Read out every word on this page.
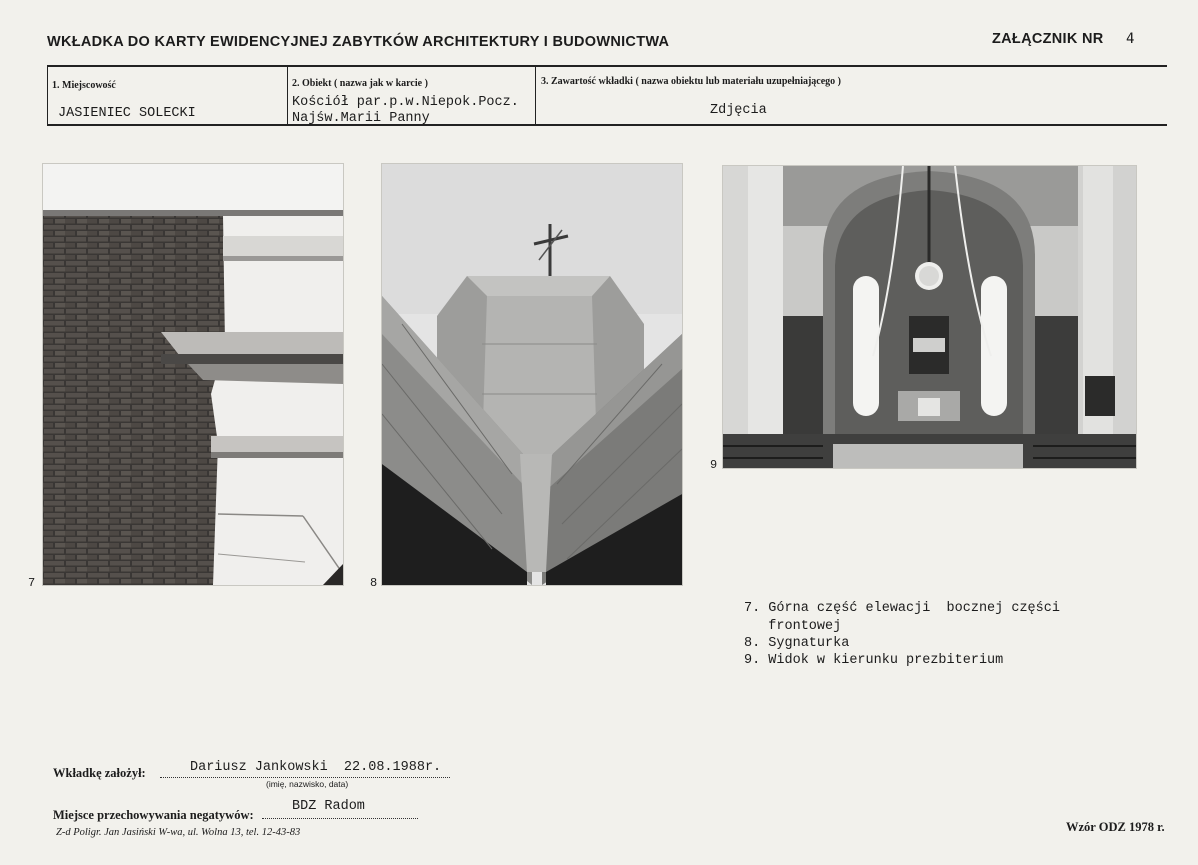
WKŁADKA DO KARTY EWIDENCYJNEJ ZABYTKÓW ARCHITEKTURY I BUDOWNICTWA	ZAŁĄCZNIK NR 4
1. Miejscowość
JASIENIEC SOLECKI
2. Obiekt ( nazwa jak w karcie )
Kościół par.p.w.Niepok.Pocz.
Najśw.Marii Panny
3. Zawartość wkładki ( nazwa obiektu lub materiału uzupełniającego )
Zdjęcia
7	8
9
7. Górna część elewacji  bocznej części
frontowej
8. Sygnaturka
9. Widok w kierunku prezbiterium
Wkładkę założył:	Dariusz Jankowski  22.08.1988r.
(imię, nazwisko, data)
Miejsce przechowywania negatywów:
BDZ Radom
Z-d Poligr. Jan Jasiński W-wa, ul. Wolna 13, tel. 12-43-83	Wzór ODZ 1978 r.
